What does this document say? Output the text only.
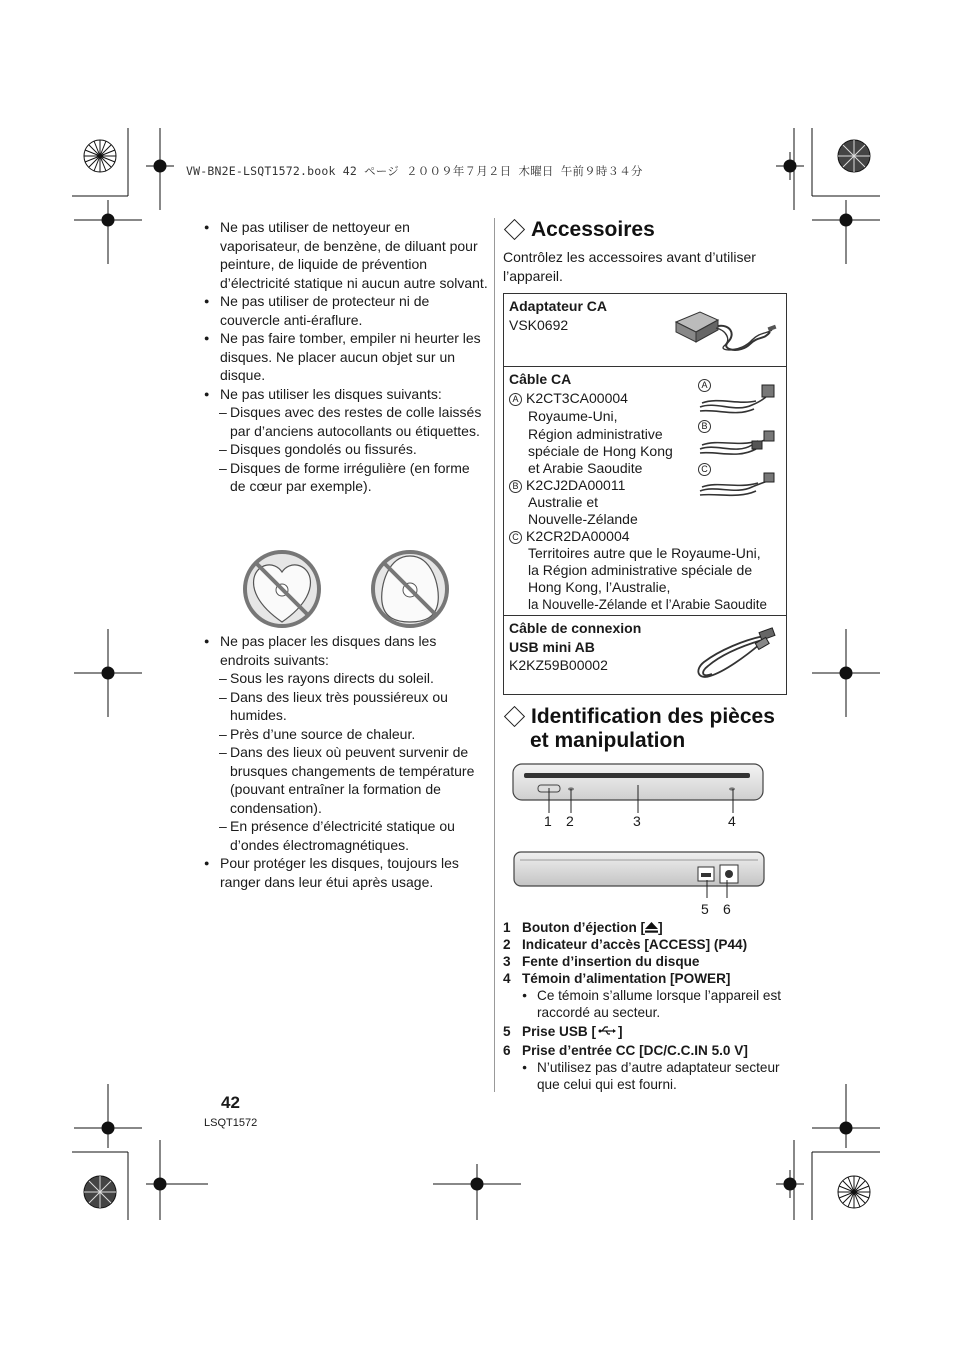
VW-BN2E-LSQT1572.book 42 ページ ２００９年７月２日 木曜日 午前９時３４分
● Ne pas utiliser de nettoyeur en vaporisateur, de benzène, de diluant pour peinture, de liquide de prévention d’électricité statique ni aucun autre solvant.
● Ne pas utiliser de protecteur ni de couvercle anti-éraflure.
● Ne pas faire tomber, empiler ni heurter les disques. Ne placer aucun objet sur un disque.
● Ne pas utiliser les disques suivants:
– Disques avec des restes de colle laissés par d’anciens autocollants ou étiquettes.
– Disques gondolés ou fissurés.
– Disques de forme irrégulière (en forme de cœur par exemple).
● Ne pas placer les disques dans les endroits suivants:
– Sous les rayons directs du soleil.
– Dans des lieux très poussiéreux ou humides.
– Près d’une source de chaleur.
– Dans des lieux où peuvent survenir de brusques changements de température (pouvant entraîner la formation de condensation).
– En présence d’électricité statique ou d’ondes électromagnétiques.
● Pour protéger les disques, toujours les ranger dans leur étui après usage.
Accessoires
Contrôlez les accessoires avant d’utiliser l’appareil.
Adaptateur CA
VSK0692
Câble CA
A K2CT3CA00004
Royaume-Uni,
Région administrative
spéciale de Hong Kong
et Arabie Saoudite
B K2CJ2DA00011
Australie et
Nouvelle-Zélande
C K2CR2DA00004
Territoires autre que le Royaume-Uni,
la Région administrative spéciale de
Hong Kong, l’Australie,
la Nouvelle-Zélande et l’Arabie Saoudite
A
B
C
Câble de connexion
USB mini AB
K2KZ59B00002
Identification des pièces
et manipulation
1 2	3	4
5 6
1 Bouton d’éjection [ ]
2 Indicateur d’accès [ACCESS] (P44)
3 Fente d’insertion du disque
4 Témoin d’alimentation [POWER]
● Ce témoin s’allume lorsque l’appareil est raccordé au secteur.
5 Prise USB [ ]
6 Prise d’entrée CC [DC/C.C.IN 5.0 V]
● N’utilisez pas d’autre adaptateur secteur que celui qui est fourni.
42
LSQT1572
